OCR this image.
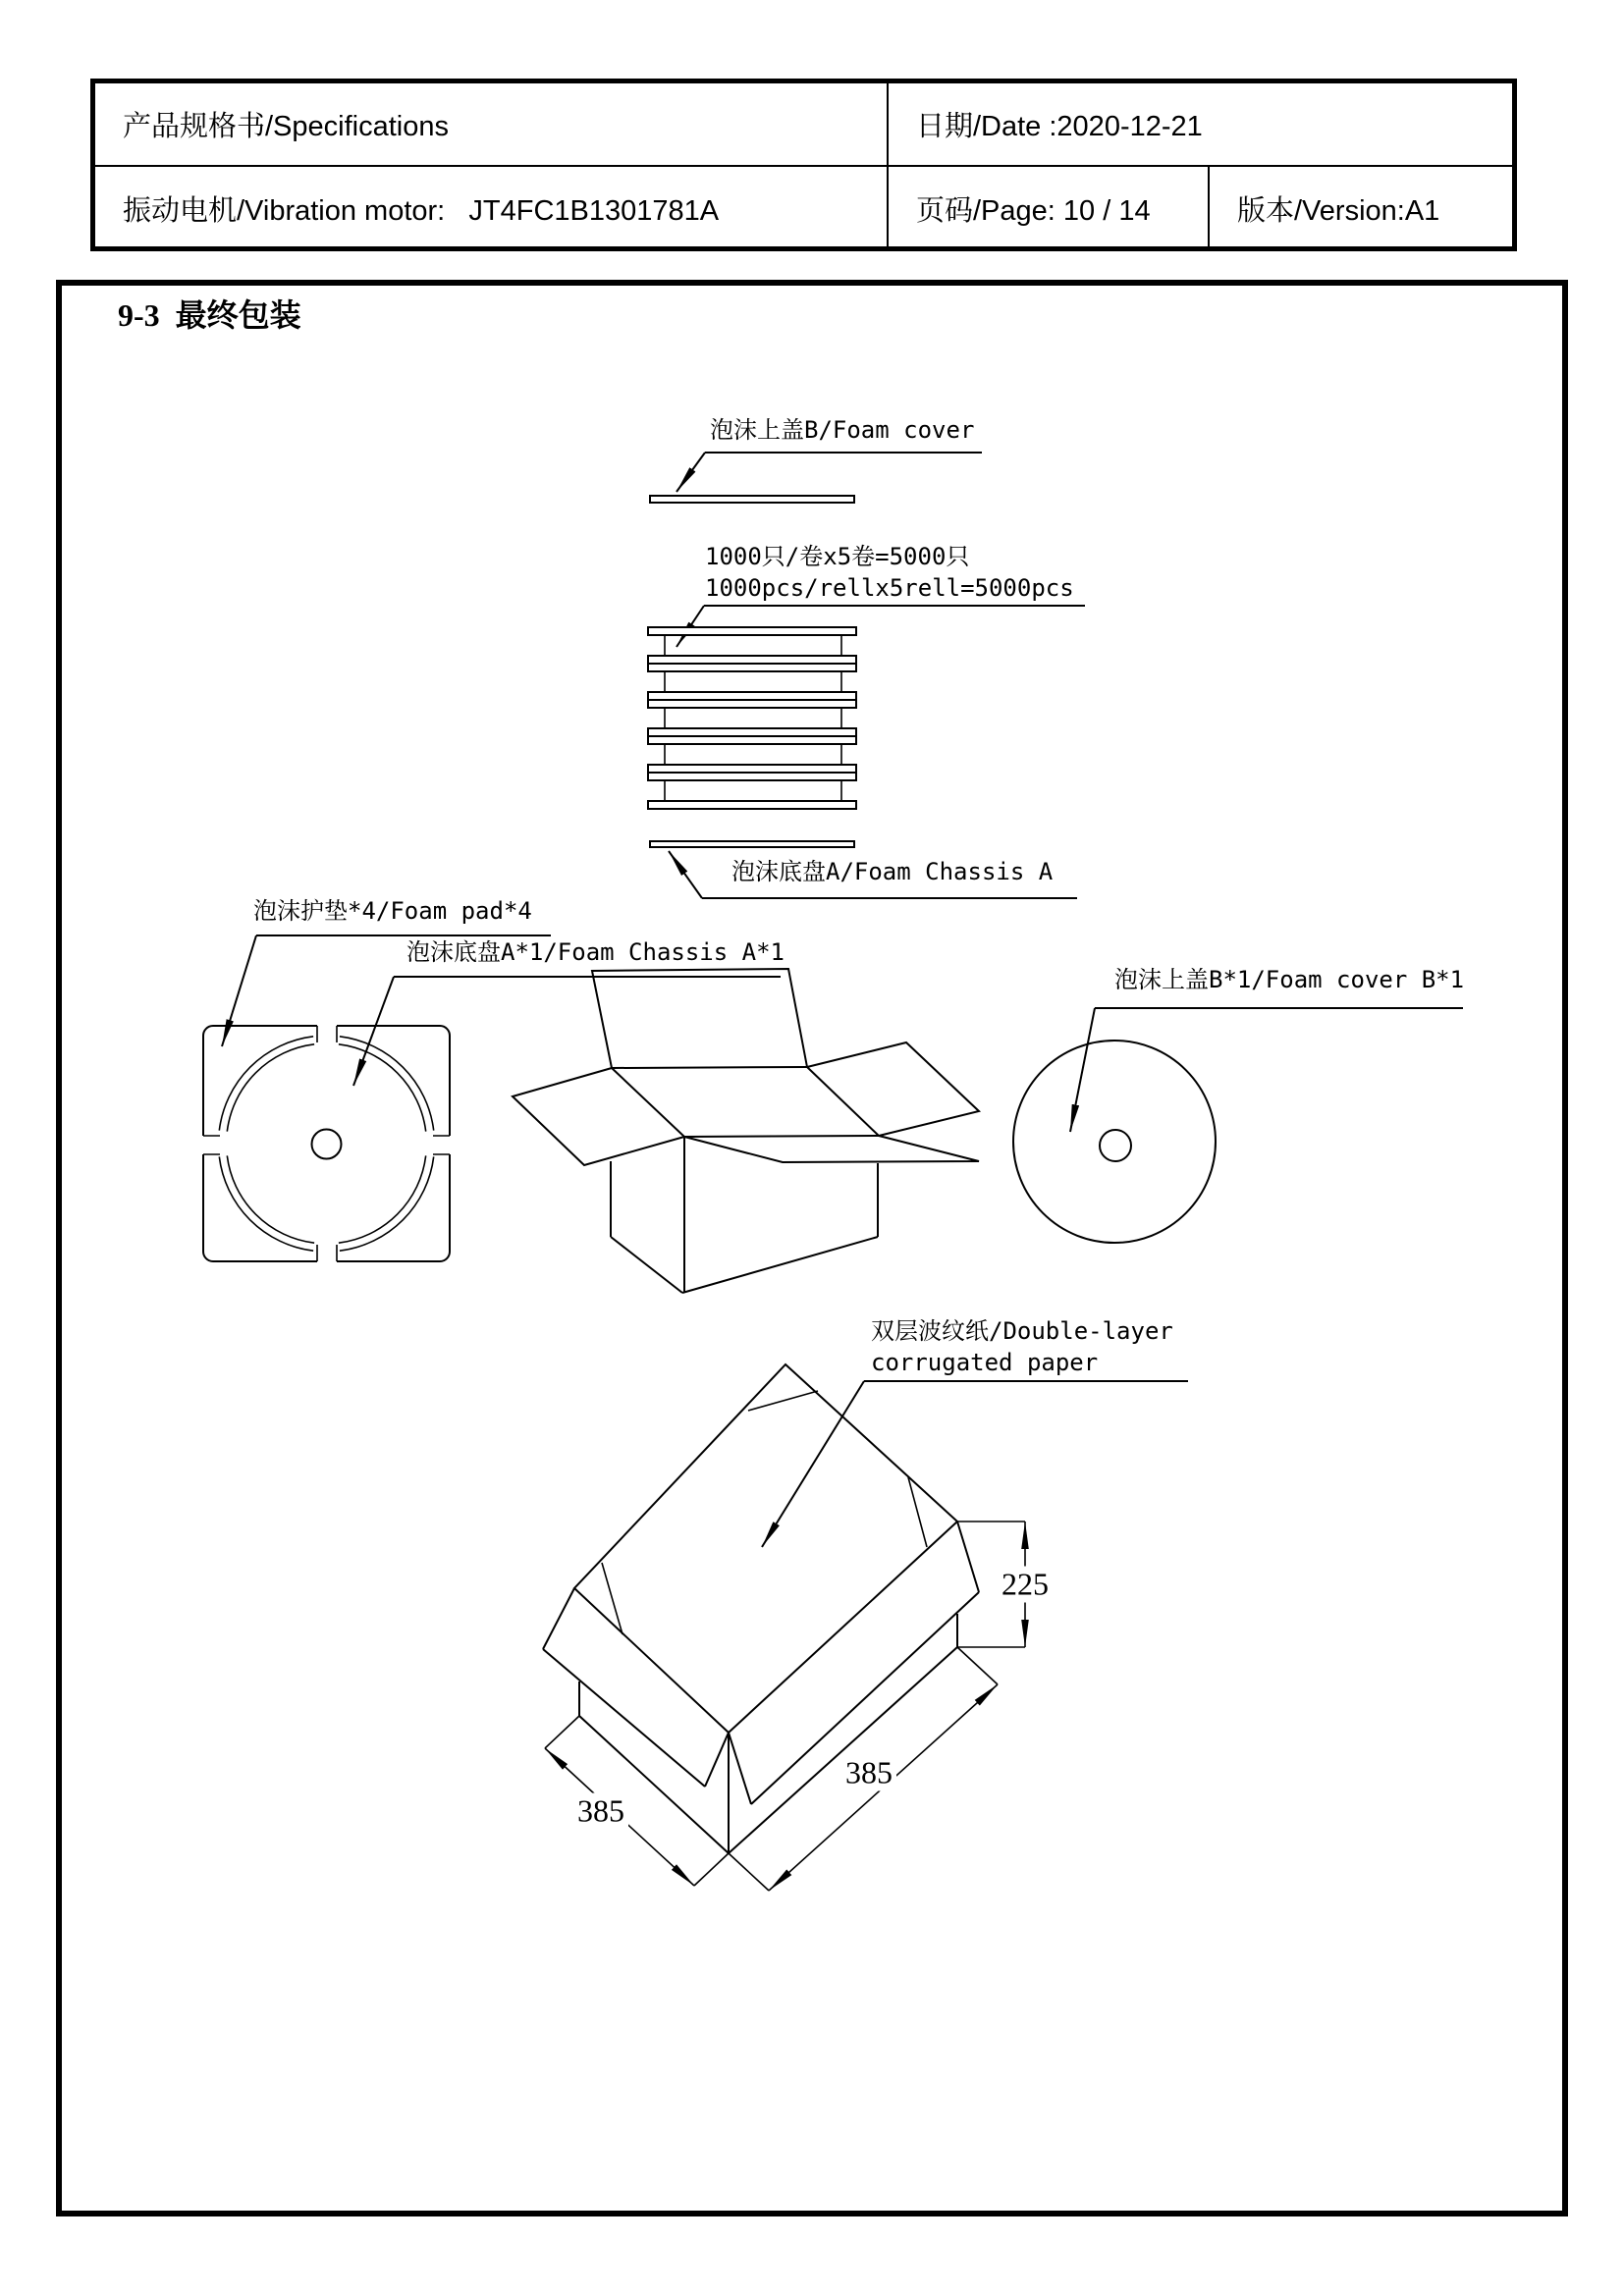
产品规格书/Specifications	日期/Date :2020-12-21
振动电机/Vibration motor:   JT4FC1B1301781A	页码/Page: 10 / 14	版本/Version:A1
9-3  最终包装
泡沫上盖B/Foam cover
1000只/卷x5卷=5000只
1000pcs/rellx5rell=5000pcs
泡沫底盘A/Foam Chassis A
泡沫护垫*4/Foam pad*4
泡沫底盘A*1/Foam Chassis A*1
泡沫上盖B*1/Foam cover B*1
双层波纹纸/Double-layer
corrugated paper
225
385
385
